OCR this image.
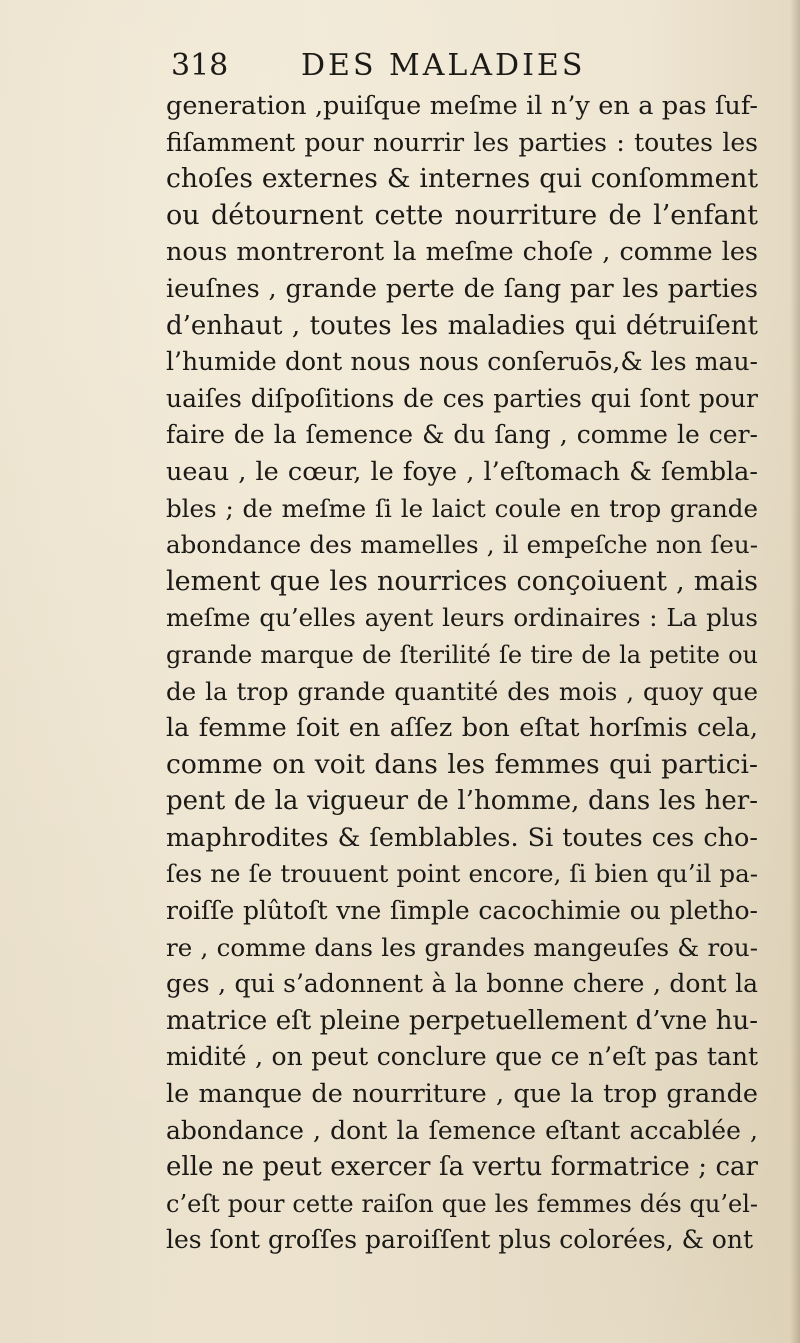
318 DES MALADIES
generation ,puiſque meſme il n’y en a pas ſuf-
fiſamment pour nourrir les parties : toutes les
choſes externes & internes qui conſomment
ou détournent cette nourriture de l’enfant
nous montreront la meſme choſe , comme les
ieuſnes , grande perte de ſang par les parties
d’enhaut , toutes les maladies qui détruiſent
l’humide dont nous nous conſeruōs,& les mau-
uaiſes diſpoſitions de ces parties qui ſont pour
faire de la ſemence & du ſang , comme le cer-
ueau , le cœur, le foye , l’eſtomach & ſembla-
bles ; de meſme ſi le laict coule en trop grande
abondance des mamelles , il empeſche non ſeu-
lement que les nourrices conçoiuent , mais
meſme qu’elles ayent leurs ordinaires : La plus
grande marque de ſterilité ſe tire de la petite ou
de la trop grande quantité des mois , quoy que
la femme ſoit en aſſez bon eſtat horſmis cela,
comme on voit dans les femmes qui partici-
pent de la vigueur de l’homme, dans les her-
maphrodites & ſemblables. Si toutes ces cho-
ſes ne ſe trouuent point encore, ſi bien qu’il pa-
roiſſe plûtoſt vne ſimple cacochimie ou pletho-
re , comme dans les grandes mangeuſes & rou-
ges , qui s’adonnent à la bonne chere , dont la
matrice eſt pleine perpetuellement d’vne hu-
midité , on peut conclure que ce n’eſt pas tant
le manque de nourriture , que la trop grande
abondance , dont la ſemence eſtant accablée ,
elle ne peut exercer ſa vertu formatrice ; car
c’eſt pour cette raiſon que les femmes dés qu’el-
les ſont groſſes paroiſſent plus colorées, & ont
